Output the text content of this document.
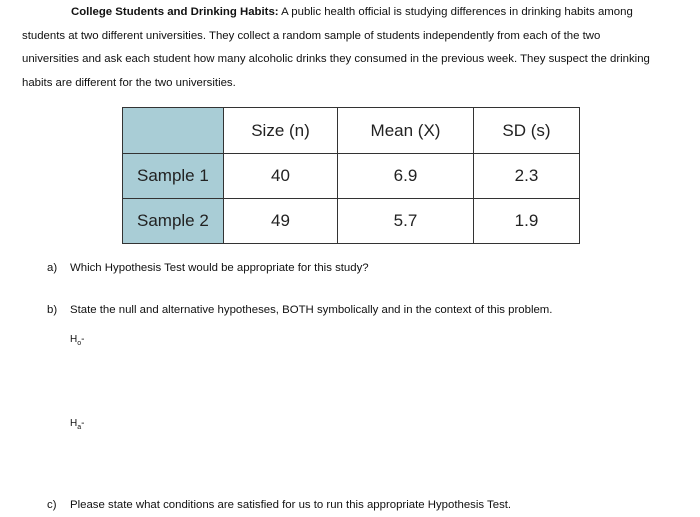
College Students and Drinking Habits: A public health official is studying differences in drinking habits among
students at two different universities. They collect a random sample of students independently from each of the two
universities and ask each student how many alcoholic drinks they consumed in the previous week. They suspect the drinking
habits are different for the two universities.

	Size (n)	Mean (X)	SD (s)
Sample 1	40	6.9	2.3
Sample 2	49	5.7	1.9
a) Which Hypothesis Test would be appropriate for this study?
b) State the null and alternative hypotheses, BOTH symbolically and in the context of this problem.
$H_o-$
$H_a-$
c) Please state what conditions are satisfied for us to run this appropriate Hypothesis Test.
